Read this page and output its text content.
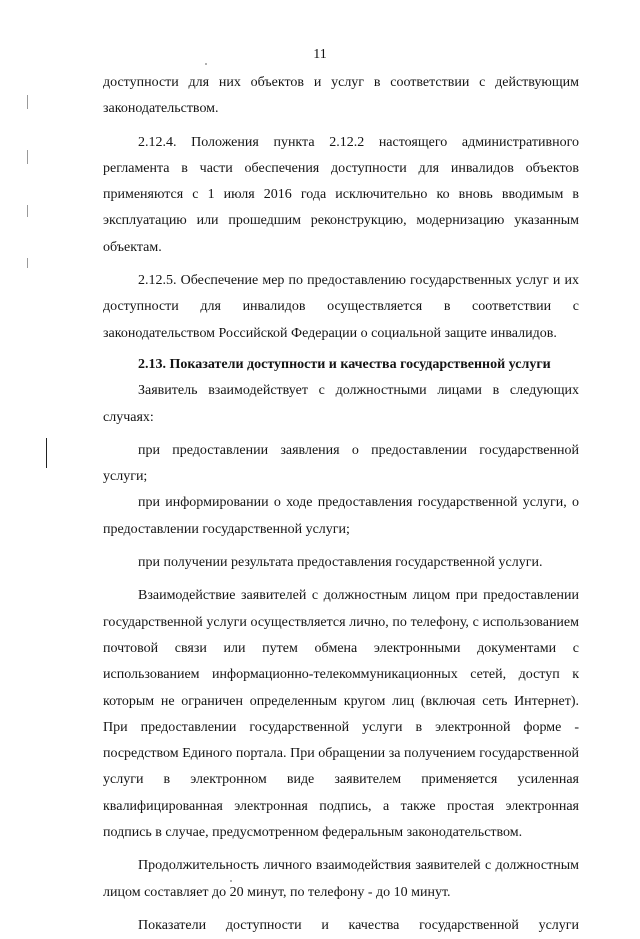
11

доступности для них объектов и услуг в соответствии с действующим законодательством.

2.12.4. Положения пункта 2.12.2 настоящего административного регламента в части обеспечения доступности для инвалидов объектов применяются с 1 июля 2016 года исключительно ко вновь вводимым в эксплуатацию или прошедшим реконструкцию, модернизацию указанным объектам.

2.12.5. Обеспечение мер по предоставлению государственных услуг и их доступности для инвалидов осуществляется в соответствии с законодательством Российской Федерации о социальной защите инвалидов.

2.13. Показатели доступности и качества государственной услуги

Заявитель взаимодействует с должностными лицами в следующих случаях:

при предоставлении заявления о предоставлении государственной услуги;

при информировании о ходе предоставления государственной услуги, о предоставлении государственной услуги;

при получении результата предоставления государственной услуги.

Взаимодействие заявителей с должностным лицом при предоставлении государственной услуги осуществляется лично, по телефону, с использованием почтовой связи или путем обмена электронными документами с использованием информационно-телекоммуникационных сетей, доступ к которым не ограничен определенным кругом лиц (включая сеть Интернет). При предоставлении государственной услуги в электронной форме - посредством Единого портала. При обращении за получением государственной услуги в электронном виде заявителем применяется усиленная квалифицированная электронная подпись, а также простая электронная подпись в случае, предусмотренном федеральным законодательством.

Продолжительность личного взаимодействия заявителей с должностным лицом составляет до 20 минут, по телефону - до 10 минут.

Показатели доступности и качества государственной услуги
